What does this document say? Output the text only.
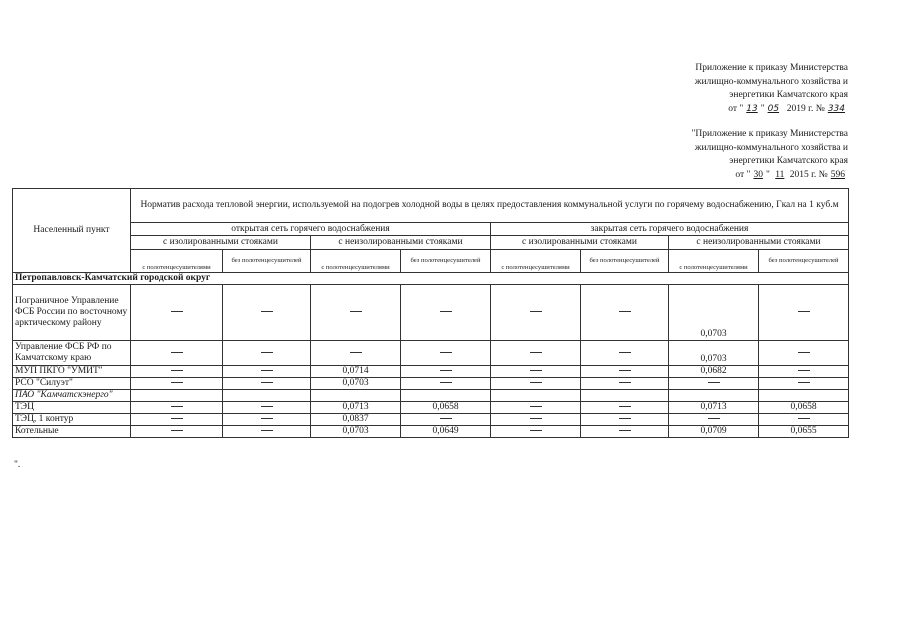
Приложение к приказу Министерства
жилищно-коммунального хозяйства и
энергетики Камчатского края
от " 13 " 05 2019 г. № 334
"Приложение к приказу Министерства
жилищно-коммунального хозяйства и
энергетики Камчатского края
от " 30 " 11 2015 г. № 596
Населенный пункт	Норматив расхода тепловой энергии, используемой на подогрев холодной воды в целях предоставления коммунальной услуги по горячему водоснабжению, Гкал на 1 куб.м							
	открытая сеть горячего водоснабжения				закрытая сеть горячего водоснабжения			
	с изолированными стояками		с неизолированными стояками		с изолированными стояками		с неизолированными стояками	
	с полотенцесушителями	без полотенцесушителей	с полотенцесушителями	без полотенцесушителей	с полотенцесушителями	без полотенцесушителей	с полотенцесушителями	без полотенцесушителей
Петропавловск-Камчатский городской округ								
Пограничное Управление ФСБ России по восточному арктическому району							0,0703	
Управление ФСБ РФ по Камчатскому краю							0,0703	
МУП ПКГО "УМИТ"			0,0714				0,0682	
РСО "Силуэт"			0,0703					
ПАО "Камчатскэнерго"								
ТЭЦ			0,0713	0,0658			0,0713	0,0658
ТЭЦ, 1 контур			0,0837					
Котельные			0,0703	0,0649			0,0709	0,0655
".
